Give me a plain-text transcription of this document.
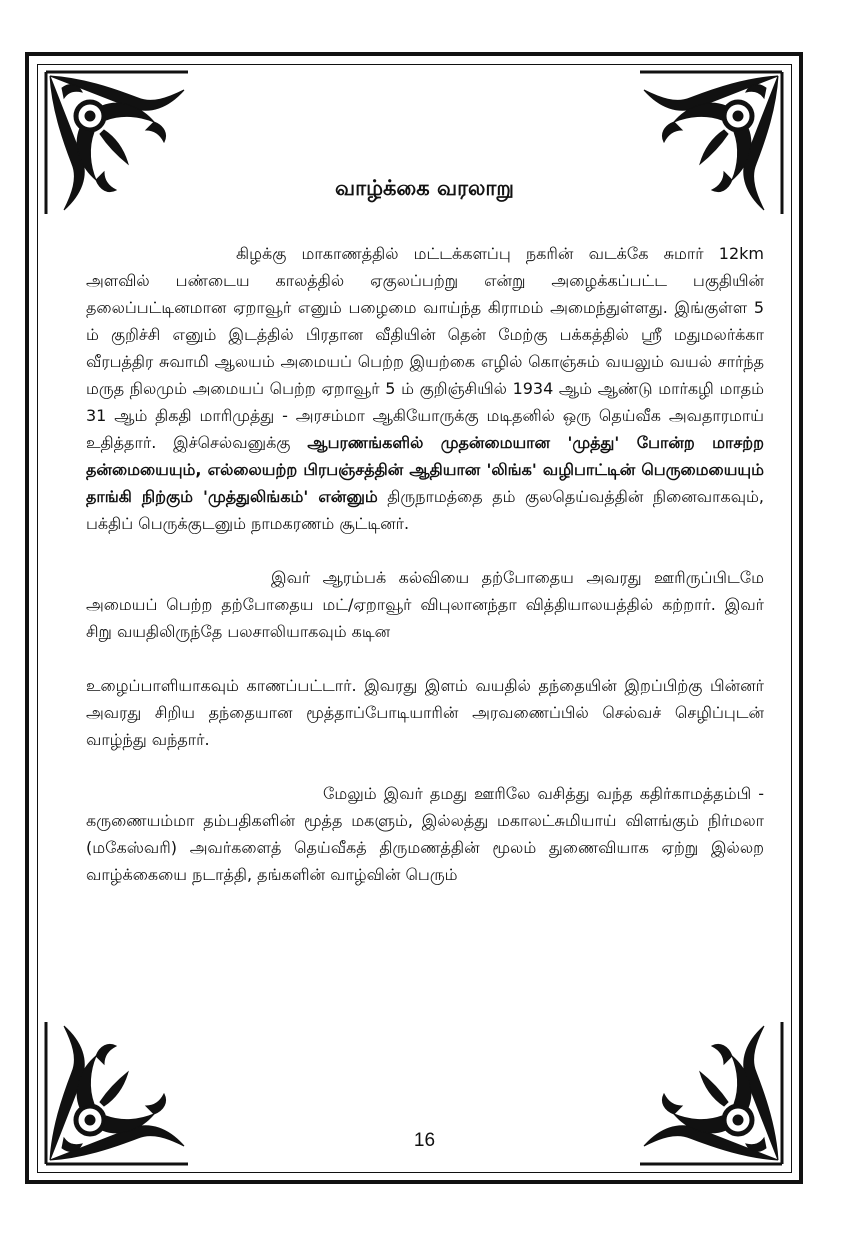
வாழ்க்கை வரலாறு

கிழக்கு மாகாணத்தில் மட்டக்களப்பு நகரின் வடக்கே சுமார் 12km அளவில் பண்டைய காலத்தில் ஏகுலப்பற்று என்று அழைக்கப்பட்ட பகுதியின் தலைப்பட்டினமான ஏறாவூர் எனும் பழைமை வாய்ந்த கிராமம் அமைந்துள்ளது. இங்குள்ள 5 ம் குறிச்சி எனும் இடத்தில் பிரதான வீதியின் தென் மேற்கு பக்கத்தில் ஸ்ரீ மதுமலர்க்கா வீரபத்திர சுவாமி ஆலயம் அமையப் பெற்ற இயற்கை எழில் கொஞ்சும் வயலும் வயல் சார்ந்த மருத நிலமும் அமையப் பெற்ற ஏறாவூர் 5 ம் குறிஞ்சியில் 1934 ஆம் ஆண்டு மார்கழி மாதம் 31 ஆம் திகதி மாரிமுத்து - அரசம்மா ஆகியோருக்கு மடிதனில் ஒரு தெய்வீக அவதாரமாய் உதித்தார். இச்செல்வனுக்கு ஆபரணங்களில் முதன்மையான 'முத்து' போன்ற மாசற்ற தன்மையையும், எல்லையற்ற பிரபஞ்சத்தின் ஆதியான 'லிங்க' வழிபாட்டின் பெருமையையும் தாங்கி நிற்கும் 'முத்துலிங்கம்' என்னும் திருநாமத்தை தம் குலதெய்வத்தின் நினைவாகவும், பக்திப் பெருக்குடனும் நாமகரணம் சூட்டினர்.

இவர் ஆரம்பக் கல்வியை தற்போதைய அவரது ஊரிருப்பிடமே அமையப் பெற்ற தற்போதைய மட்/ஏறாவூர் விபுலானந்தா வித்தியாலயத்தில் கற்றார். இவர் சிறு வயதிலிருந்தே பலசாலியாகவும் கடின

உழைப்பாளியாகவும் காணப்பட்டார். இவரது இளம் வயதில் தந்தையின் இறப்பிற்கு பின்னர் அவரது சிறிய தந்தையான மூத்தாப்போடியாரின் அரவணைப்பில் செல்வச் செழிப்புடன் வாழ்ந்து வந்தார்.

மேலும் இவர் தமது ஊரிலே வசித்து வந்த கதிர்காமத்தம்பி - கருணையம்மா தம்பதிகளின் மூத்த மகளும், இல்லத்து மகாலட்சுமியாய் விளங்கும் நிர்மலா (மகேஸ்வரி) அவர்களைத் தெய்வீகத் திருமணத்தின் மூலம் துணைவியாக ஏற்று இல்லற வாழ்க்கையை நடாத்தி, தங்களின் வாழ்வின் பெரும்

16
